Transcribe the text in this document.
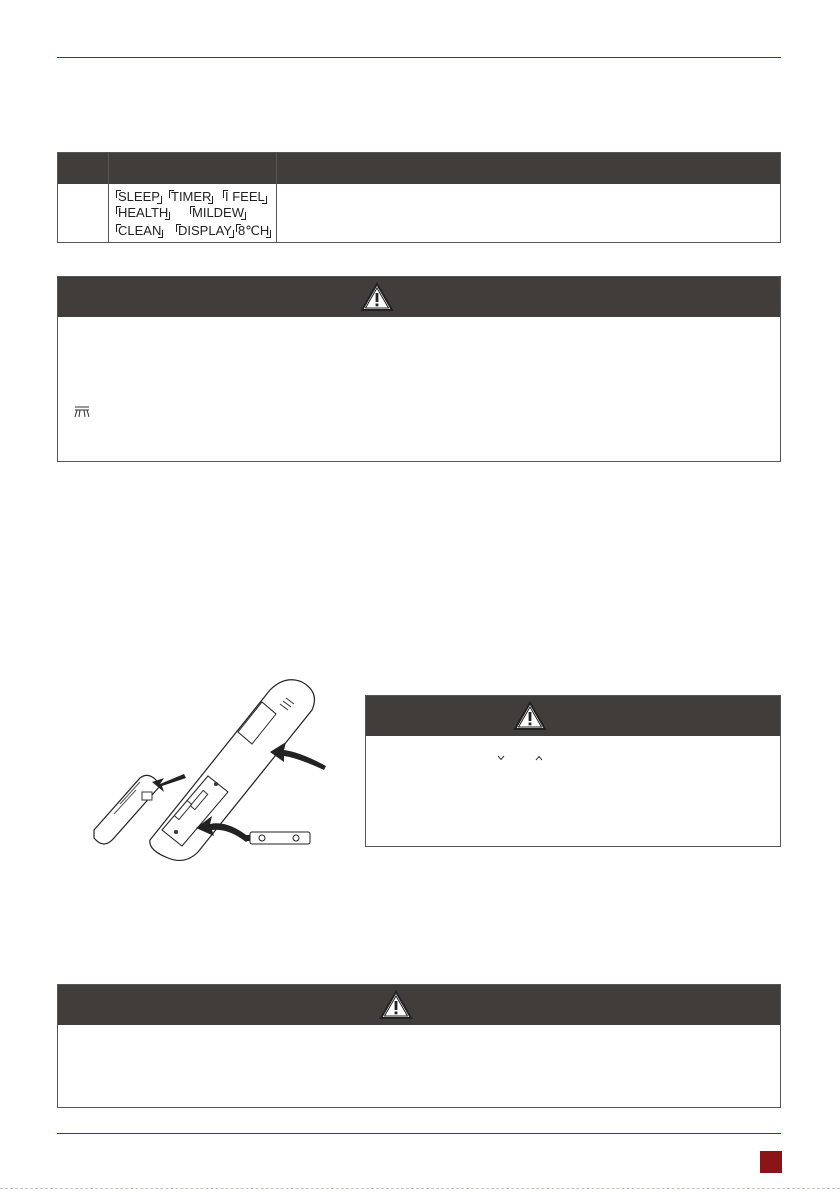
SLEEP TIMER I FEEL
HEALTH MILDEW
CLEAN DISPLAY 8℃H
